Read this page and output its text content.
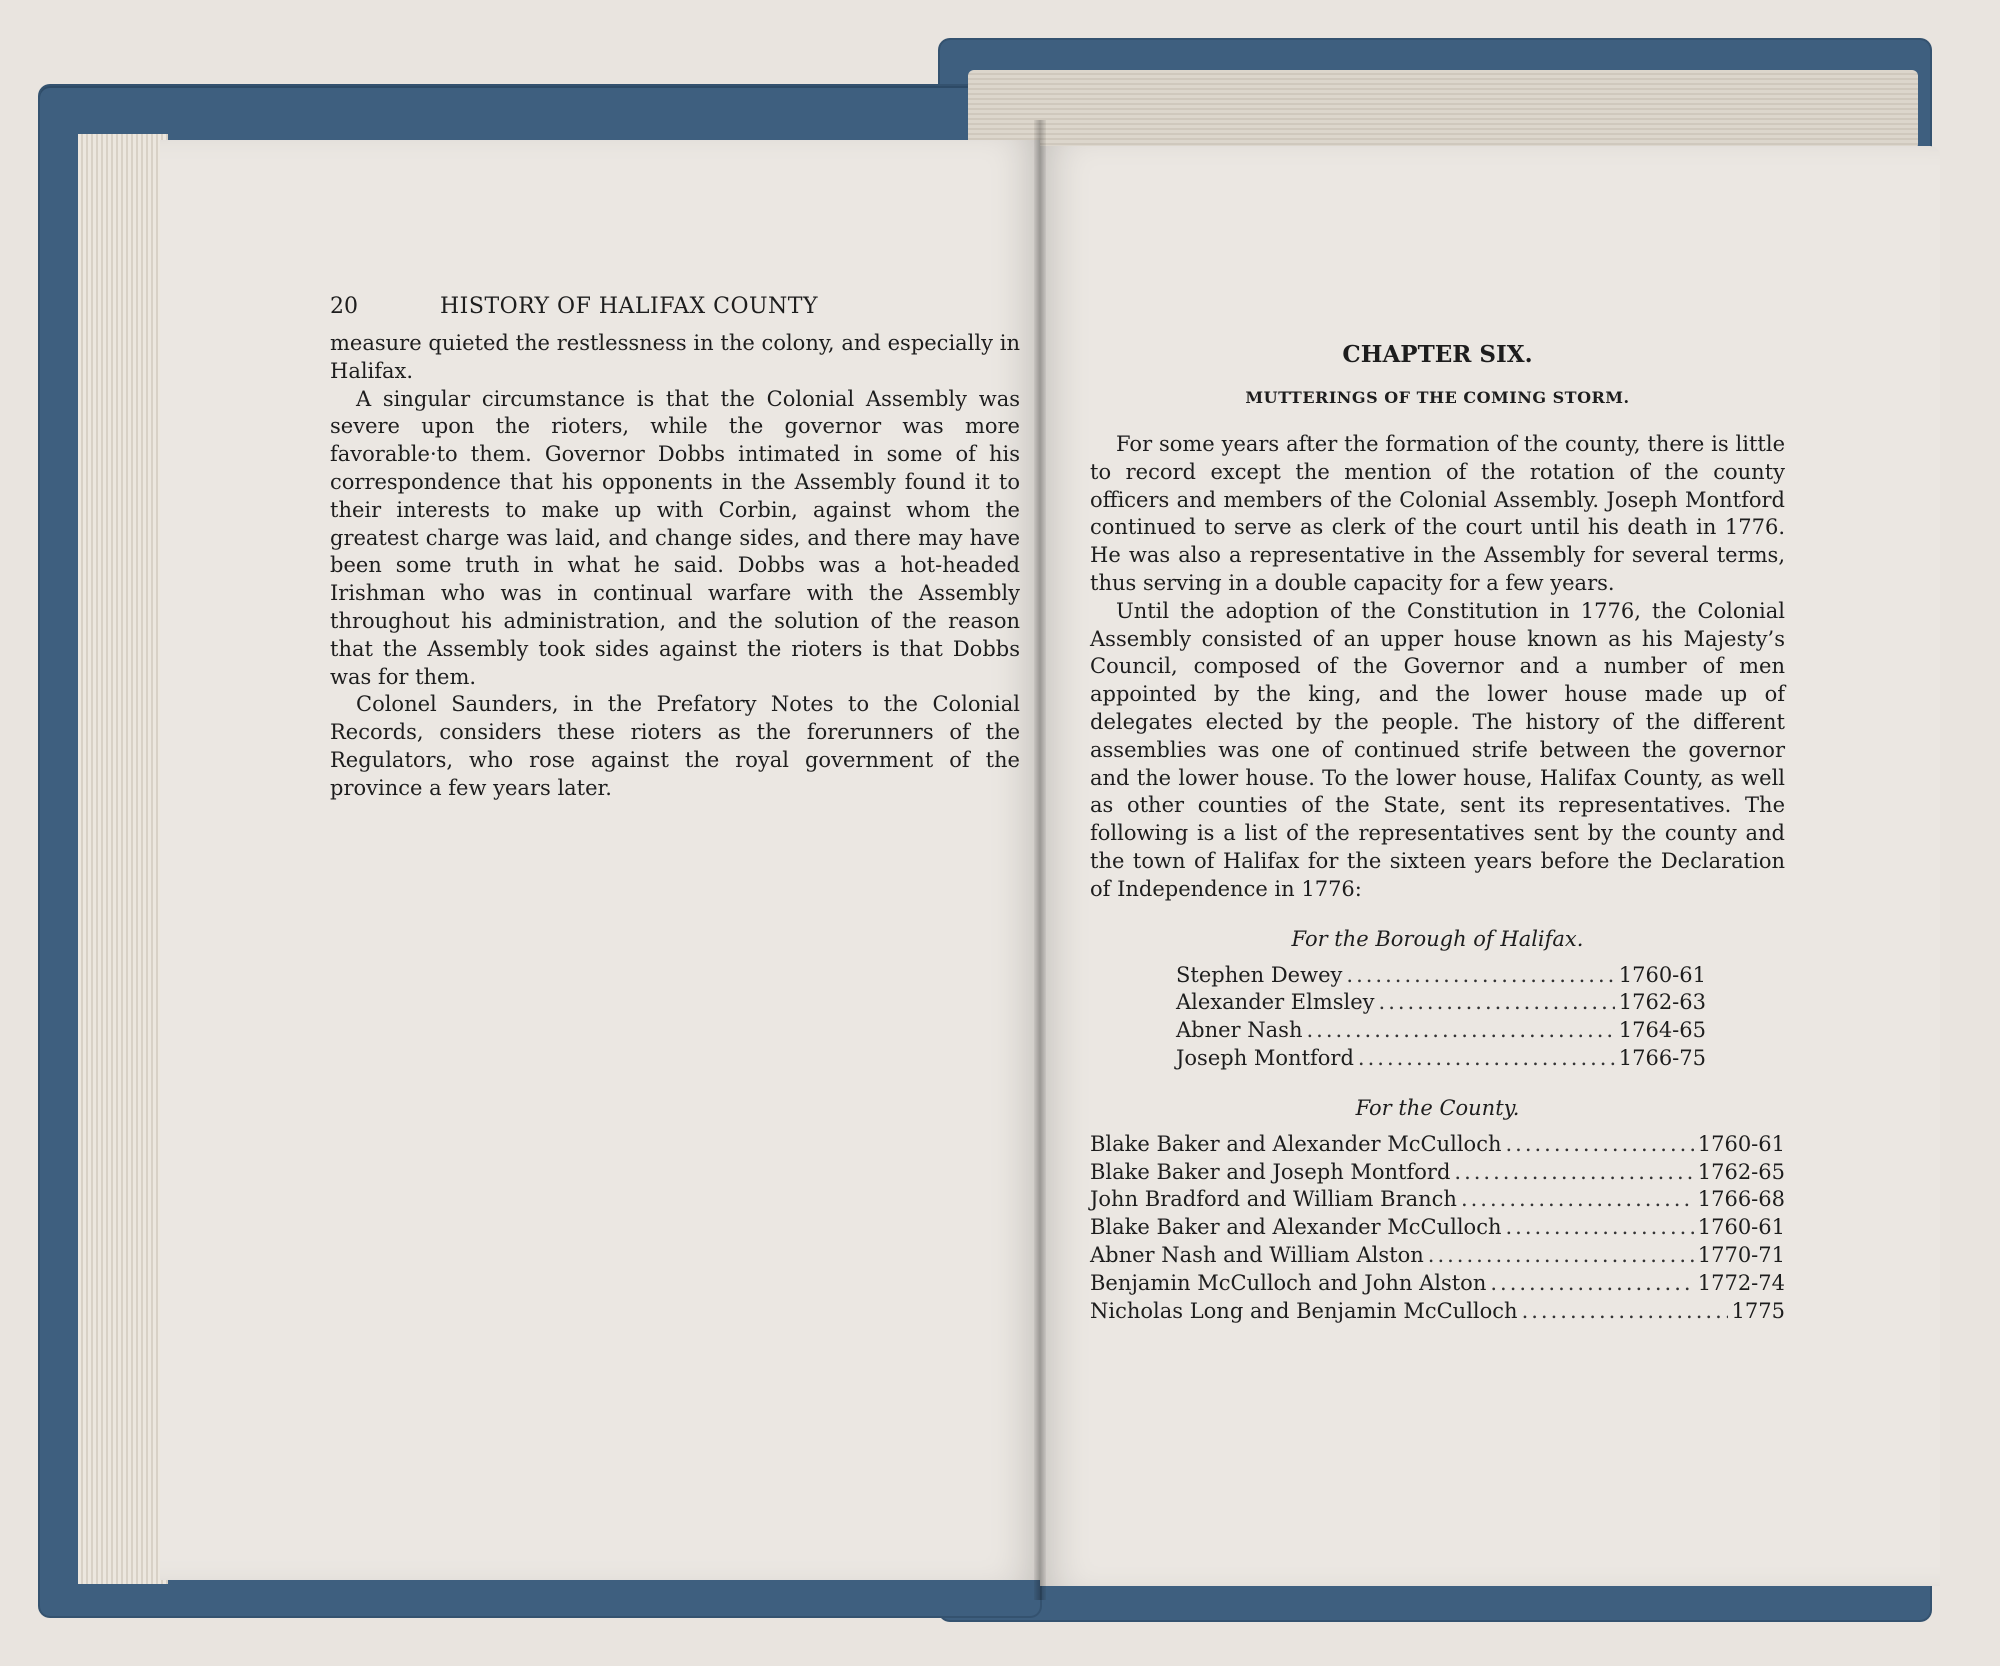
20	HISTORY OF HALIFAX COUNTY

measure quieted the restlessness in the colony, and especially in Halifax.

A singular circumstance is that the Colonial Assembly was severe upon the rioters, while the governor was more favorable·to them. Governor Dobbs intimated in some of his correspondence that his opponents in the Assembly found it to their interests to make up with Corbin, against whom the greatest charge was laid, and change sides, and there may have been some truth in what he said. Dobbs was a hot-headed Irishman who was in continual warfare with the Assembly throughout his administration, and the solution of the reason that the Assembly took sides against the rioters is that Dobbs was for them.

Colonel Saunders, in the Prefatory Notes to the Colonial Records, considers these rioters as the forerunners of the Regulators, who rose against the royal government of the province a few years later.

CHAPTER SIX.
MUTTERINGS OF THE COMING STORM.

For some years after the formation of the county, there is little to record except the mention of the rotation of the county officers and members of the Colonial Assembly. Joseph Montford continued to serve as clerk of the court until his death in 1776. He was also a representative in the Assembly for several terms, thus serving in a double capacity for a few years.

Until the adoption of the Constitution in 1776, the Colonial Assembly consisted of an upper house known as his Majesty’s Council, composed of the Governor and a number of men appointed by the king, and the lower house made up of delegates elected by the people. The history of the different assemblies was one of continued strife between the governor and the lower house. To the lower house, Halifax County, as well as other counties of the State, sent its representatives. The following is a list of the representatives sent by the county and the town of Halifax for the sixteen years before the Declaration of Independence in 1776:

For the Borough of Halifax.
Stephen Dewey .....	1760-61
Alexander Elmsley .....	1762-63
Abner Nash .....	1764-65
Joseph Montford .....	1766-75
For the County.
Blake Baker and Alexander McCulloch .....	1760-61
Blake Baker and Joseph Montford .....	1762-65
John Bradford and William Branch .....	1766-68
Blake Baker and Alexander McCulloch .....	1760-61
Abner Nash and William Alston .....	1770-71
Benjamin McCulloch and John Alston .....	1772-74
Nicholas Long and Benjamin McCulloch .....	1775
